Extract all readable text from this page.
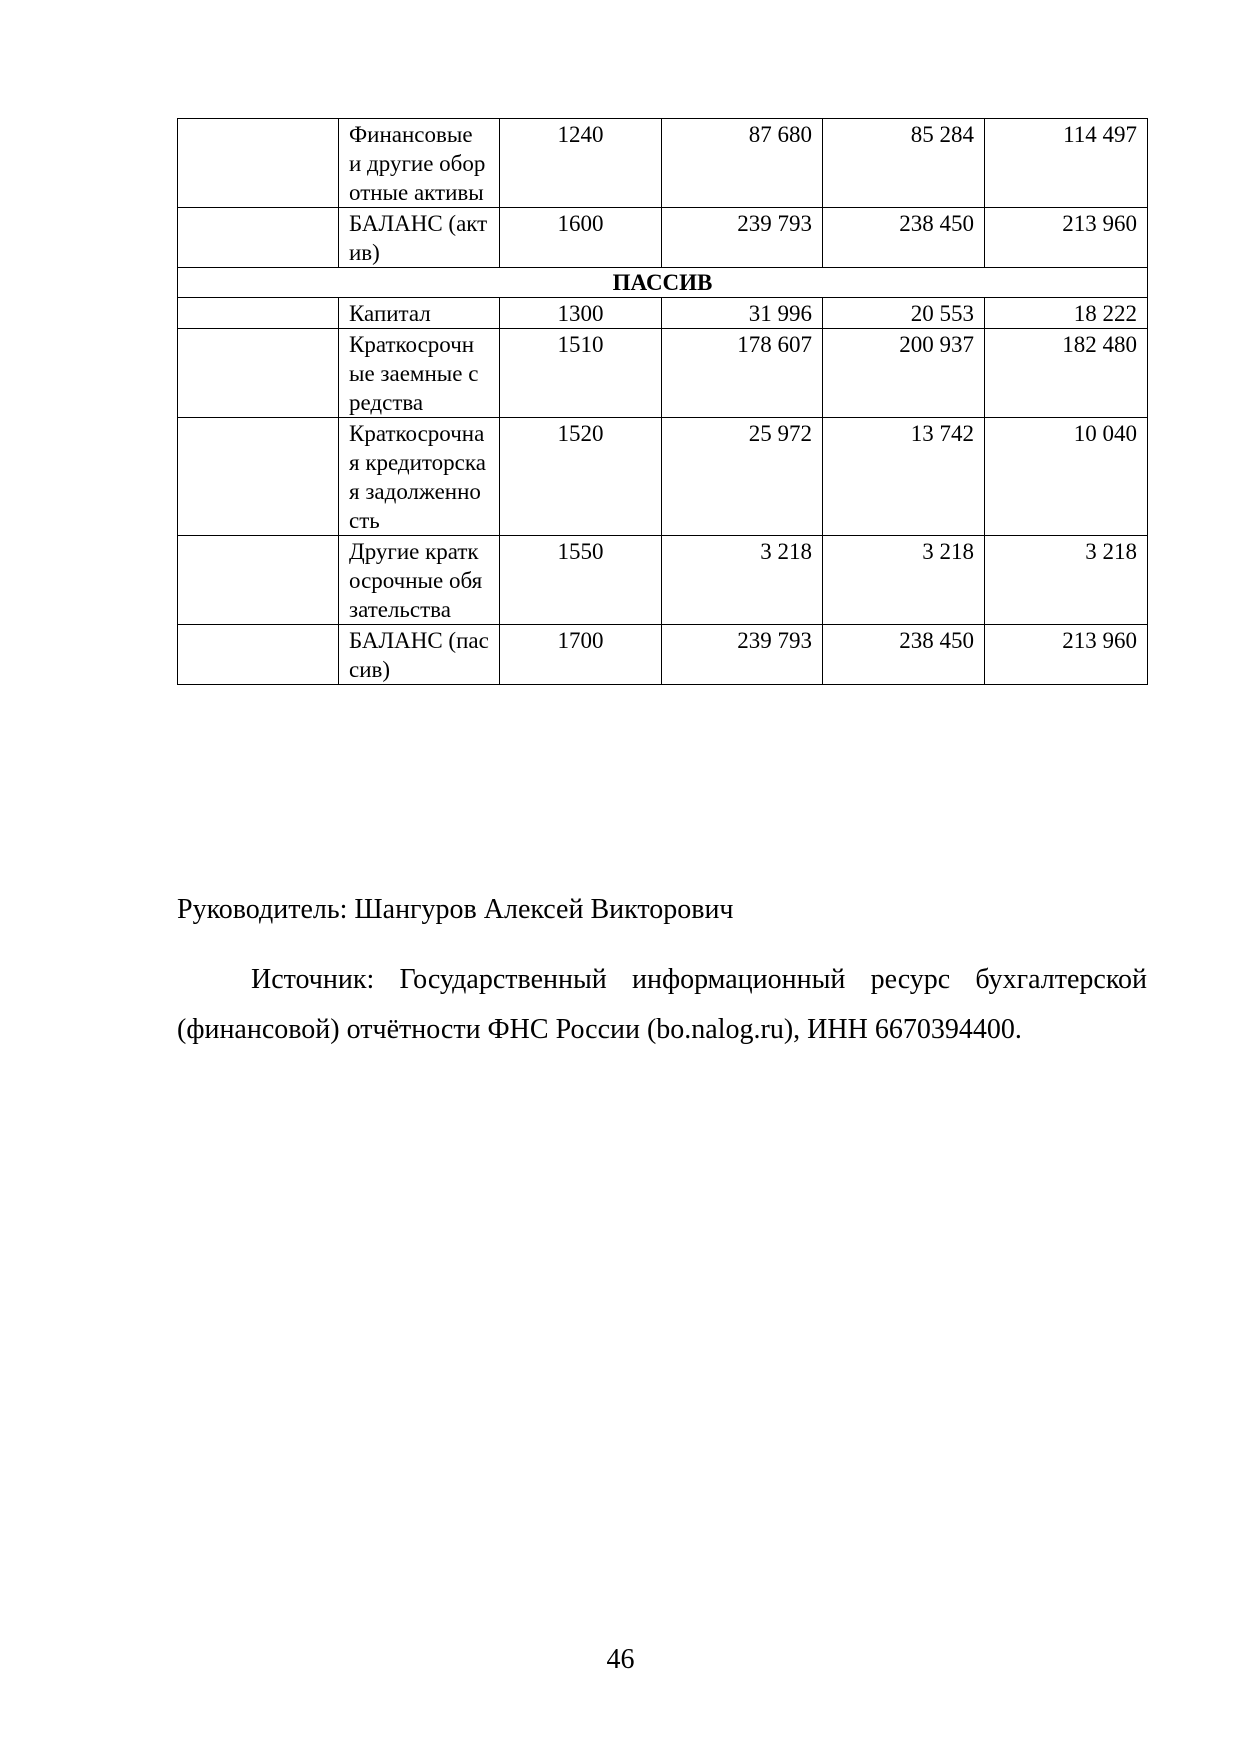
	Финансовые и другие оборотные активы	1240	87 680	85 284	114 497
	БАЛАНС (актив)	1600	239 793	238 450	213 960
ПАССИВ					
	Капитал	1300	31 996	20 553	18 222
	Краткосрочные заемные средства	1510	178 607	200 937	182 480
	Краткосрочная кредиторская задолженность	1520	25 972	13 742	10 040
	Другие краткосрочные обязательства	1550	3 218	3 218	3 218
	БАЛАНС (пассив)	1700	239 793	238 450	213 960

Руководитель: Шангуров Алексей Викторович

Источник: Государственный информационный ресурс бухгалтерской (финансовой) отчётности ФНС России (bo.nalog.ru), ИНН 6670394400.

46
